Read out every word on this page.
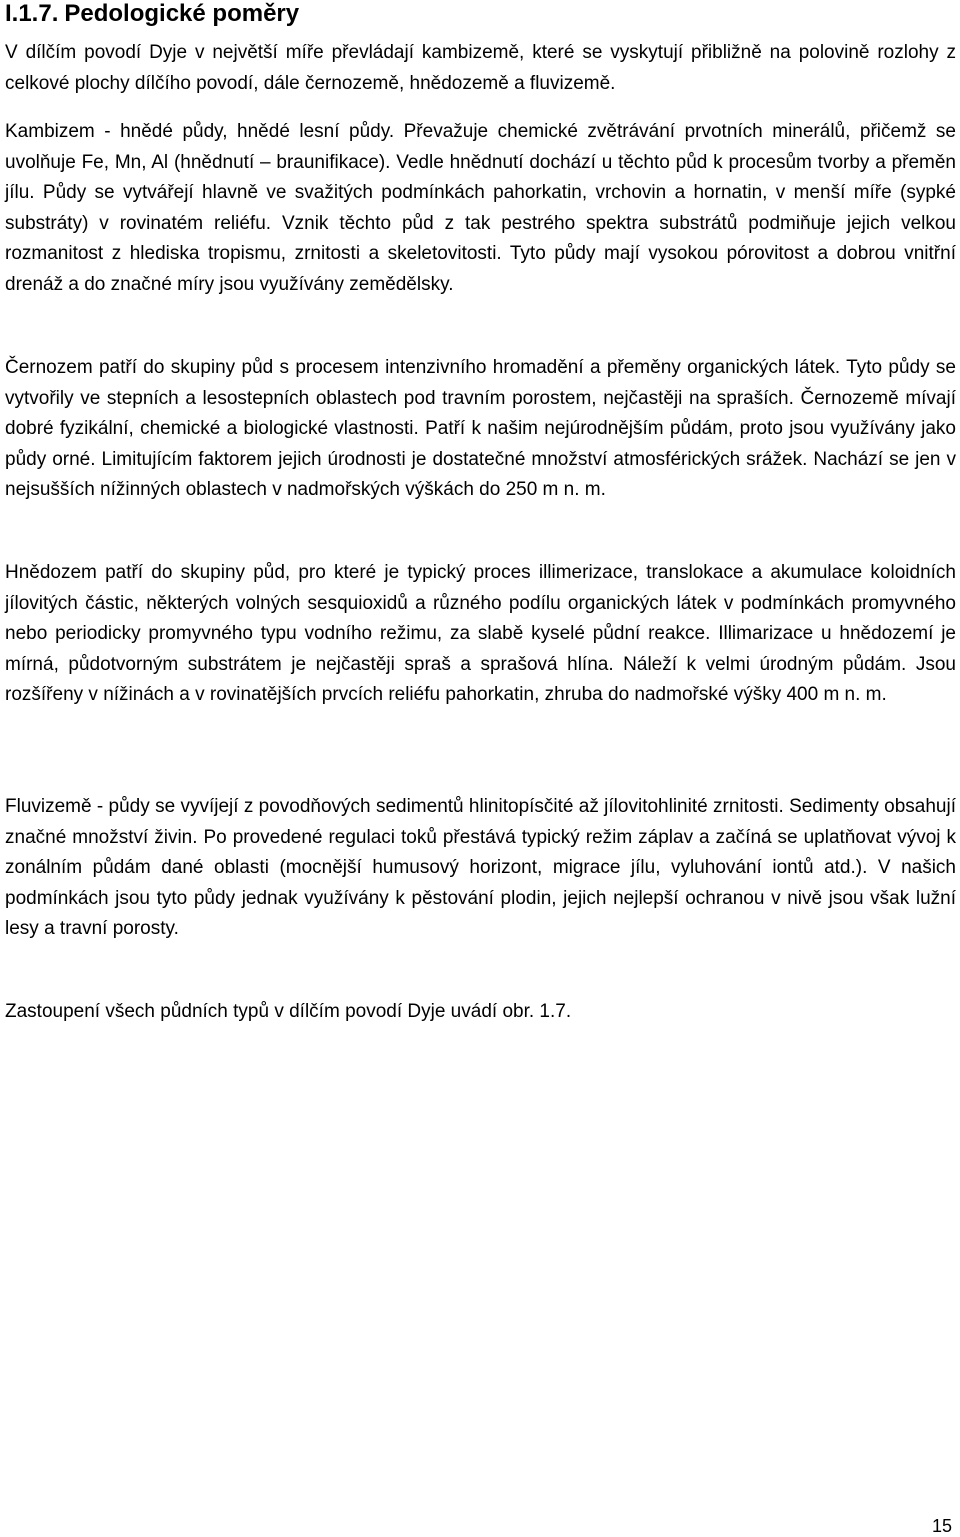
I.1.7. Pedologické poměry

V dílčím povodí Dyje v největší míře převládají kambizemě, které se vyskytují přibližně na polovině rozlohy z celkové plochy dílčího povodí, dále černozemě, hnědozemě a fluvizemě.

Kambizem - hnědé půdy, hnědé lesní půdy. Převažuje chemické zvětrávání prvotních minerálů, přičemž se uvolňuje Fe, Mn, Al (hnědnutí – braunifikace). Vedle hnědnutí dochází u těchto půd k procesům tvorby a přeměn jílu. Půdy se vytvářejí hlavně ve svažitých podmínkách pahorkatin, vrchovin a hornatin, v menší míře (sypké substráty) v rovinatém reliéfu. Vznik těchto půd z tak pestrého spektra substrátů podmiňuje jejich velkou rozmanitost z hlediska tropismu, zrnitosti a skeletovitosti. Tyto půdy mají vysokou pórovitost a dobrou vnitřní drenáž a do značné míry jsou využívány zemědělsky.

Černozem patří do skupiny půd s procesem intenzivního hromadění a přeměny organických látek. Tyto půdy se vytvořily ve stepních a lesostepních oblastech pod travním porostem, nejčastěji na spraších. Černozemě mívají dobré fyzikální, chemické a biologické vlastnosti. Patří k našim nejúrodnějším půdám, proto jsou využívány jako půdy orné. Limitujícím faktorem jejich úrodnosti je dostatečné množství atmosférických srážek. Nachází se jen v nejsušších nížinných oblastech v nadmořských výškách do 250 m n. m.

Hnědozem patří do skupiny půd, pro které je typický proces illimerizace, translokace a akumulace koloidních jílovitých částic, některých volných sesquioxidů a různého podílu organických látek v podmínkách promyvného nebo periodicky promyvného typu vodního režimu, za slabě kyselé půdní reakce. Illimarizace u hnědozemí je mírná, půdotvorným substrátem je nejčastěji spraš a sprašová hlína. Náleží k velmi úrodným půdám. Jsou rozšířeny v nížinách a v rovinatějších prvcích reliéfu pahorkatin, zhruba do nadmořské výšky 400 m n. m.

Fluvizemě - půdy se vyvíjejí z povodňových sedimentů hlinitopísčité až jílovitohlinité zrnitosti. Sedimenty obsahují značné množství živin. Po provedené regulaci toků přestává typický režim záplav a začíná se uplatňovat vývoj k zonálním půdám dané oblasti (mocnější humusový horizont, migrace jílu, vyluhování iontů atd.). V našich podmínkách jsou tyto půdy jednak využívány k pěstování plodin, jejich nejlepší ochranou v nivě jsou však lužní lesy a travní porosty.

Zastoupení všech půdních typů v dílčím povodí Dyje uvádí obr. 1.7.

15
